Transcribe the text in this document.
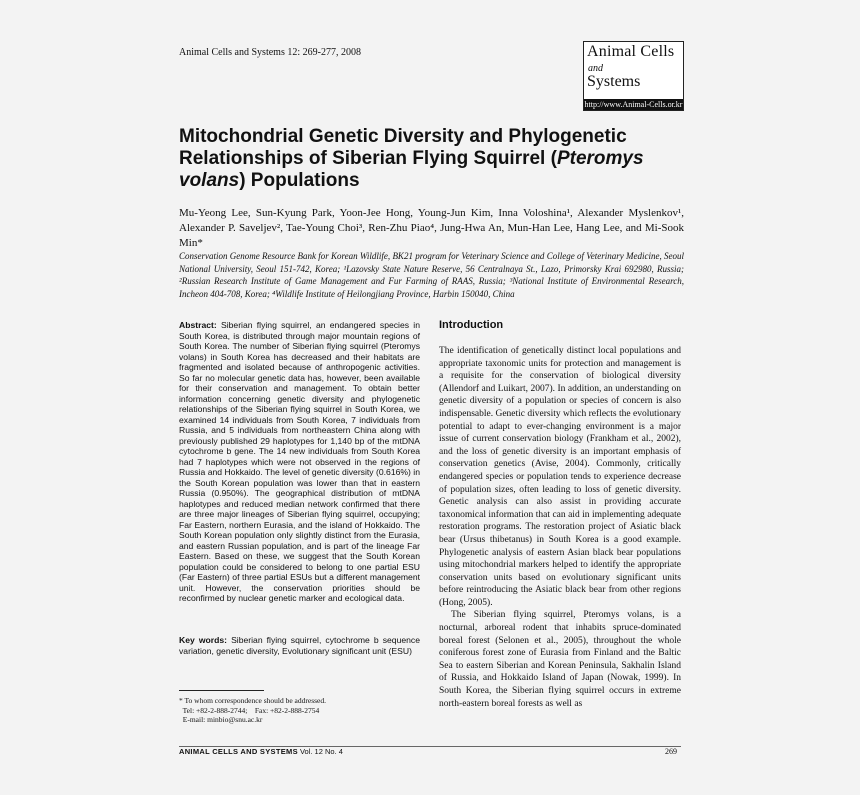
Animal Cells and Systems 12: 269-277, 2008	Animal Cells
and
Systems
http://www.Animal-Cells.or.kr
Mitochondrial Genetic Diversity and Phylogenetic Relationships of Siberian Flying Squirrel (Pteromys volans) Populations
Mu-Yeong Lee, Sun-Kyung Park, Yoon-Jee Hong, Young-Jun Kim, Inna Voloshina¹, Alexander Myslenkov¹, Alexander P. Saveljev², Tae-Young Choi³, Ren-Zhu Piao⁴, Jung-Hwa An, Mun-Han Lee, Hang Lee, and Mi-Sook Min*
Conservation Genome Resource Bank for Korean Wildlife, BK21 program for Veterinary Science and College of Veterinary Medicine, Seoul National University, Seoul 151-742, Korea; ¹Lazovsky State Nature Reserve, 56 Centralnaya St., Lazo, Primorsky Krai 692980, Russia; ²Russian Research Institute of Game Management and Fur Farming of RAAS, Russia; ³National Institute of Environmental Research, Incheon 404-708, Korea; ⁴Wildlife Institute of Heilongjiang Province, Harbin 150040, China
Abstract: Siberian flying squirrel, an endangered species in South Korea, is distributed through major mountain regions of South Korea. The number of Siberian flying squirrel (Pteromys volans) in South Korea has decreased and their habitats are fragmented and isolated because of anthropogenic activities. So far no molecular genetic data has, however, been available for their conservation and management. To obtain better information concerning genetic diversity and phylogenetic relationships of the Siberian flying squirrel in South Korea, we examined 14 individuals from South Korea, 7 individuals from Russia, and 5 individuals from northeastern China along with previously published 29 haplotypes for 1,140 bp of the mtDNA cytochrome b gene. The 14 new individuals from South Korea had 7 haplotypes which were not observed in the regions of Russia and Hokkaido. The level of genetic diversity (0.616%) in the South Korean population was lower than that in eastern Russia (0.950%). The geographical distribution of mtDNA haplotypes and reduced median network confirmed that there are three major lineages of Siberian flying squirrel, occupying; Far Eastern, northern Eurasia, and the island of Hokkaido. The South Korean population only slightly distinct from the Eurasia, and eastern Russian population, and is part of the lineage Far Eastern. Based on these, we suggest that the South Korean population could be considered to belong to one partial ESU (Far Eastern) of three partial ESUs but a different management unit. However, the conservation priorities should be reconfirmed by nuclear genetic marker and ecological data.
Key words: Siberian flying squirrel, cytochrome b sequence variation, genetic diversity, Evolutionary significant unit (ESU)
* To whom correspondence should be addressed.
Tel: +82-2-888-2744;    Fax: +82-2-888-2754
E-mail: minbio@snu.ac.kr
Introduction

The identification of genetically distinct local populations and appropriate taxonomic units for protection and management is a requisite for the conservation of biological diversity (Allendorf and Luikart, 2007). In addition, an understanding on genetic diversity of a population or species of concern is also indispensable. Genetic diversity which reflects the evolutionary potential to adapt to ever-changing environment is a major issue of current conservation biology (Frankham et al., 2002), and the loss of genetic diversity is an important emphasis of conservation genetics (Avise, 2004). Commonly, critically endangered species or population tends to experience decrease of population sizes, often leading to loss of genetic diversity. Genetic analysis can also assist in providing accurate taxonomical information that can aid in implementing adequate restoration programs. The restoration project of Asiatic black bear (Ursus thibetanus) in South Korea is a good example. Phylogenetic analysis of eastern Asian black bear populations using mitochondrial markers helped to identify the appropriate conservation units based on evolutionary significant units before reintroducing the Asiatic black bear from other regions (Hong, 2005).

The Siberian flying squirrel, Pteromys volans, is a nocturnal, arboreal rodent that inhabits spruce-dominated boreal forest (Selonen et al., 2005), throughout the whole coniferous forest zone of Eurasia from Finland and the Baltic Sea to eastern Siberian and Korean Peninsula, Sakhalin Island of Russia, and Hokkaido Island of Japan (Nowak, 1999). In South Korea, the Siberian flying squirrel occurs in extreme north-eastern boreal forests as well as

ANIMAL CELLS AND SYSTEMS Vol. 12 No. 4	269
